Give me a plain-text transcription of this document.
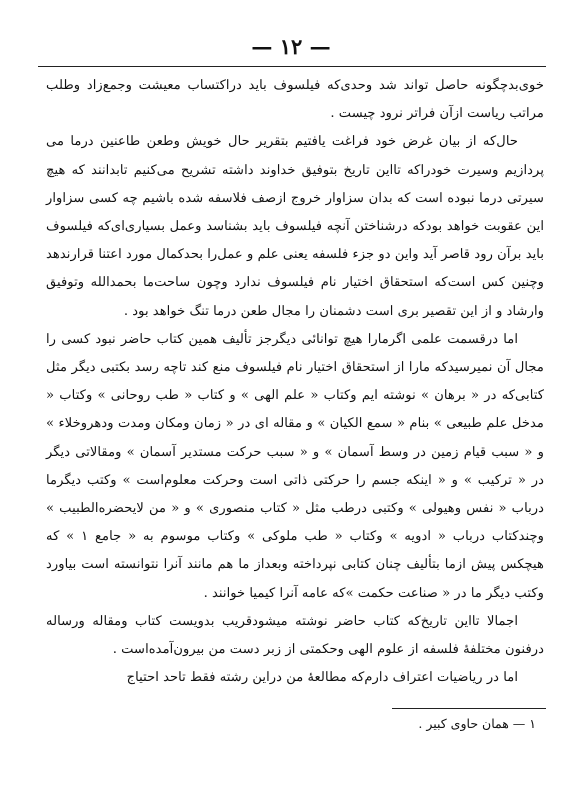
— ۱۲ —

خوی‌بدچگونه حاصل تواند شد وحدی‌که فیلسوف باید دراکتساب معیشت وجمع‌زاد وطلب مراتب ریاست ازآن فراتر نرود چیست .

حال‌که از بیان غرض خود فراغت یافتیم بتقریر حال خویش وطعن طاعنین درما می پردازیم وسیرت خودرا‌که تااین تاریخ بتوفیق خداوند داشته تشریح می‌کنیم تابدانند که هیچ سیرتی درما نبوده است که بدان سزاوار خروج ازصف فلاسفه شده باشیم چه کسی سزاوار این عقوبت خواهد بود‌که درشناختن آنچه فیلسوف باید بشناسد وعمل بسیاری‌ای‌که فیلسوف باید برآن رود قاصر آید واین دو جزء فلسفه یعنی علم و عمل‌را بحد‌کمال مورد اعتنا قرارندهد وچنین کس است‌که استحقاق اختیار نام فیلسوف ندارد وچون ساحت‌ما بحمدالله وتوفیق وارشاد و از این تقصیر بری است دشمنان را مجال طعن درما تنگ خواهد بود .

اما درقسمت علمی اگرمارا هیچ توانائی دیگرجز تألیف همین کتاب حاضر نبود کسی را مجال آن نمیرسید‌که مارا از استحقاق اختیار نام فیلسوف منع کند تاچه رسد بکتبی دیگر مثل کتابی‌که در « برهان » نوشته ایم وکتاب « علم الهی » و کتاب « طب روحانی » وکتاب « مدخل علم طبیعی » بنام « سمع الکیان » و مقاله ای در « زمان ومکان ومدت ودهروخلاء » و « سبب قیام زمین در وسط آسمان » و « سبب حرکت مستدیر آسمان » ومقالاتی دیگر در « ترکیب » و « اینکه جسم را حرکتی ذاتی است وحرکت معلوم‌است » وکتب دیگرما درباب « نفس وهیولی » وکتبی درطب مثل « کتاب منصوری » و « من لایحضره‌الطبیب » وچندکتاب درباب « ادویه » وکتاب « طب ملوکی » وکتاب موسوم به « جامع ۱ » که هیچکس پیش ازما بتألیف چنان کتابی نپرداخته وبعداز ما هم مانند آنرا نتوانسته است بیاورد وکتب دیگر ما در « صناعت حکمت »‌که عامه آنرا کیمیا خوانند .

اجمالا تااین تاریخ‌که کتاب حاضر نوشته میشودقریب بدویست کتاب ومقاله ورساله درفنون مختلفهٔ فلسفه از علوم الهی وحکمتی از زبر دست من بیرون‌آمده‌است .

اما در ریاضیات اعتراف دارم‌که مطالعهٔ من دراین رشته فقط تاحد احتیاج

۱ — همان حاوی کبیر .
